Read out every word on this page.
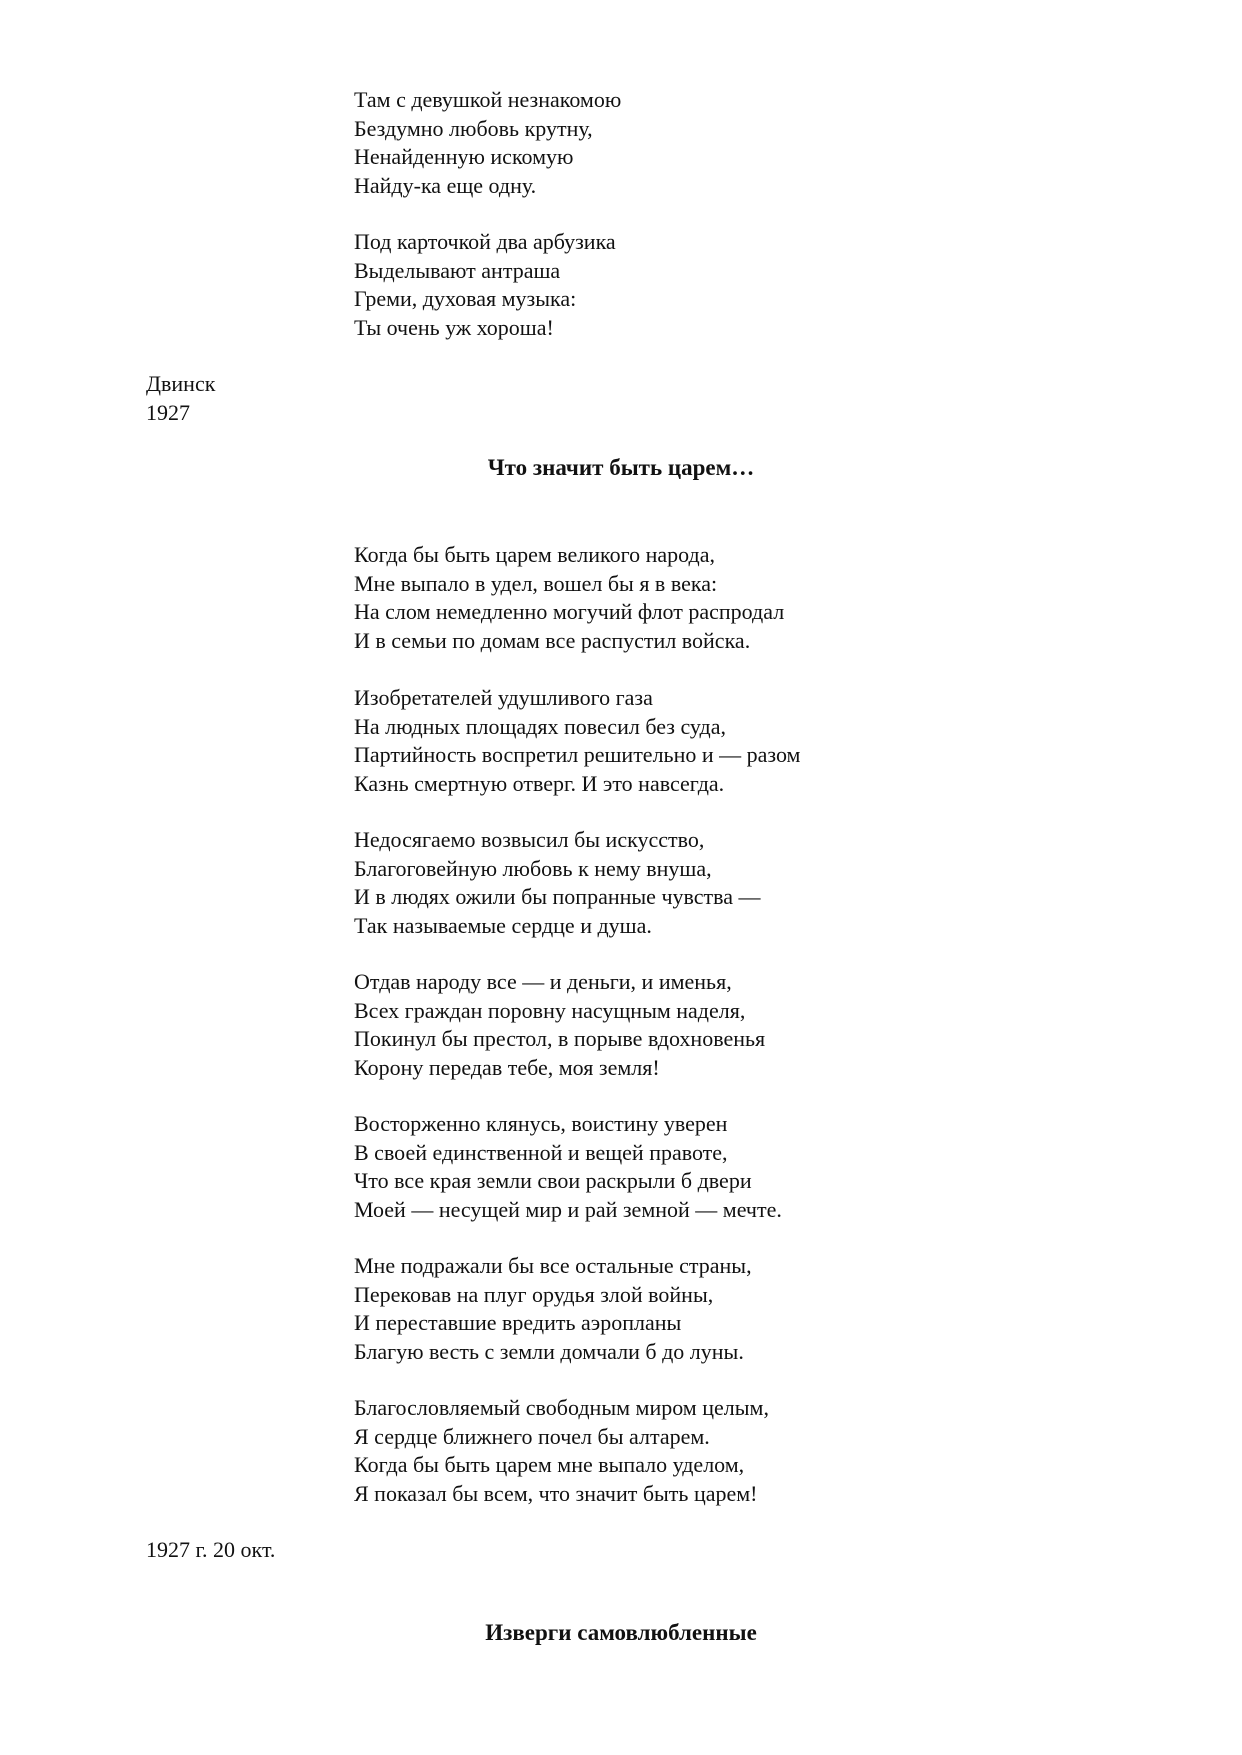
Там с девушкой незнакомою
Бездумно любовь крутну,
Ненайденную искомую
Найду-ка еще одну.
Под карточкой два арбузика
Выделывают антраша
Греми, духовая музыка:
Ты очень уж хороша!
Двинск
1927
Что значит быть царем…
Когда бы быть царем великого народа,
Мне выпало в удел, вошел бы я в века:
На слом немедленно могучий флот распродал
И в семьи по домам все распустил войска.
Изобретателей удушливого газа
На людных площадях повесил без суда,
Партийность воспретил решительно и — разом
Казнь смертную отверг. И это навсегда.
Недосягаемо возвысил бы искусство,
Благоговейную любовь к нему внуша,
И в людях ожили бы попранные чувства —
Так называемые сердце и душа.
Отдав народу все — и деньги, и именья,
Всех граждан поровну насущным наделя,
Покинул бы престол, в порыве вдохновенья
Корону передав тебе, моя земля!
Восторженно клянусь, воистину уверен
В своей единственной и вещей правоте,
Что все края земли свои раскрыли б двери
Моей — несущей мир и рай земной — мечте.
Мне подражали бы все остальные страны,
Перековав на плуг орудья злой войны,
И переставшие вредить аэропланы
Благую весть с земли домчали б до луны.
Благословляемый свободным миром целым,
Я сердце ближнего почел бы алтарем.
Когда бы быть царем мне выпало уделом,
Я показал бы всем, что значит быть царем!
1927 г. 20 окт.
Изверги самовлюбленные
